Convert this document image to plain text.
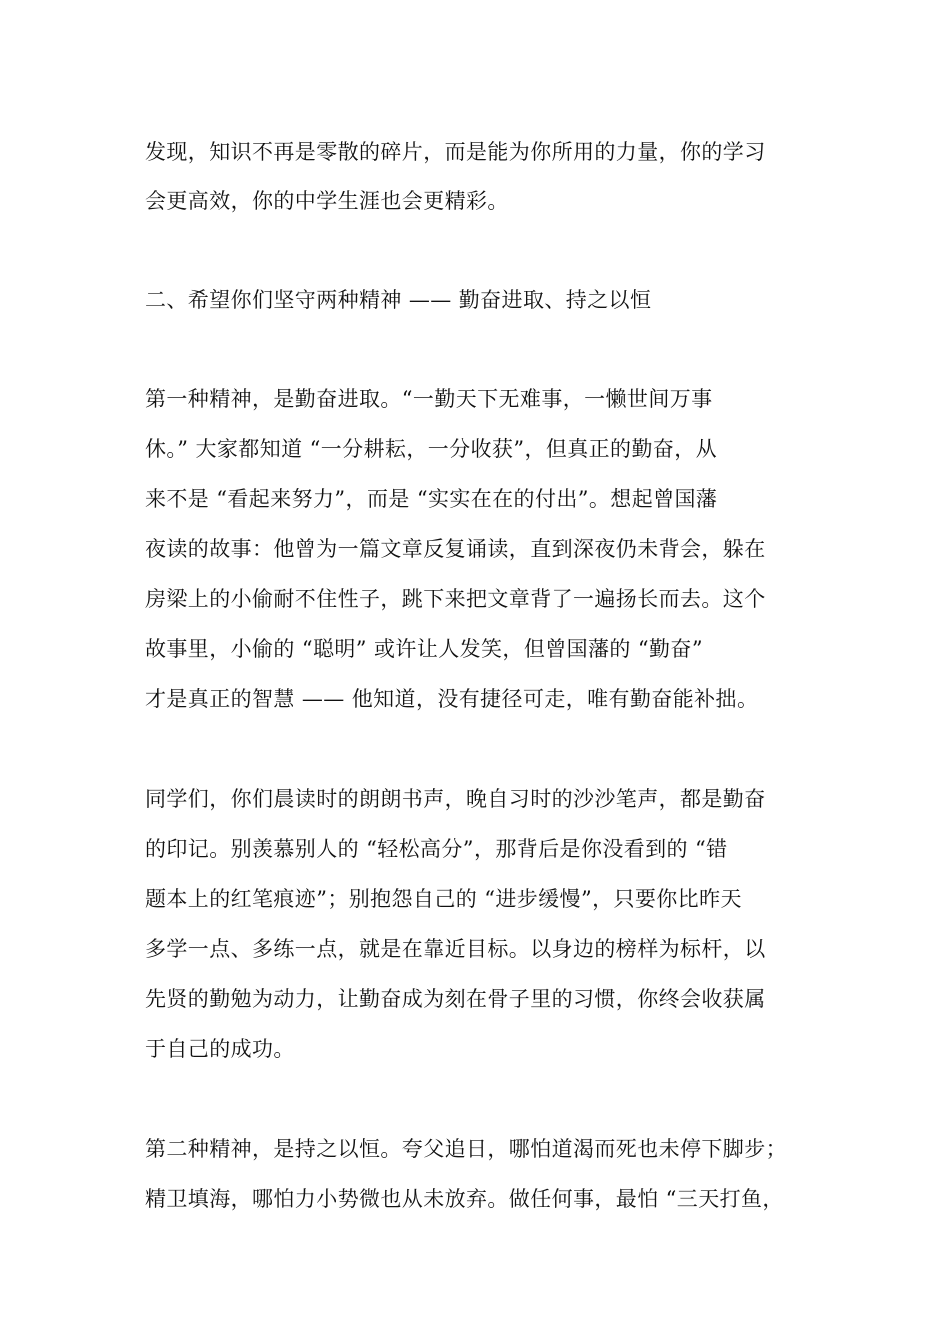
发现，知识不再是零散的碎片，而是能为你所用的力量，你的学习
会更高效，你的中学生涯也会更精彩。
二、希望你们坚守两种精神 —— 勤奋进取、持之以恒
第一种精神，是勤奋进取。“一勤天下无难事，一懒世间万事
休。” 大家都知道 “一分耕耘，一分收获”，但真正的勤奋，从
来不是 “看起来努力”，而是 “实实在在的付出”。想起曾国藩
夜读的故事：他曾为一篇文章反复诵读，直到深夜仍未背会，躲在
房梁上的小偷耐不住性子，跳下来把文章背了一遍扬长而去。这个
故事里，小偷的 “聪明” 或许让人发笑，但曾国藩的 “勤奋”
才是真正的智慧 —— 他知道，没有捷径可走，唯有勤奋能补拙。
同学们，你们晨读时的朗朗书声，晚自习时的沙沙笔声，都是勤奋
的印记。别羡慕别人的 “轻松高分”，那背后是你没看到的 “错
题本上的红笔痕迹”；别抱怨自己的 “进步缓慢”，只要你比昨天
多学一点、多练一点，就是在靠近目标。以身边的榜样为标杆，以
先贤的勤勉为动力，让勤奋成为刻在骨子里的习惯，你终会收获属
于自己的成功。
第二种精神，是持之以恒。夸父追日，哪怕道渴而死也未停下脚步；
精卫填海，哪怕力小势微也从未放弃。做任何事，最怕 “三天打鱼，
